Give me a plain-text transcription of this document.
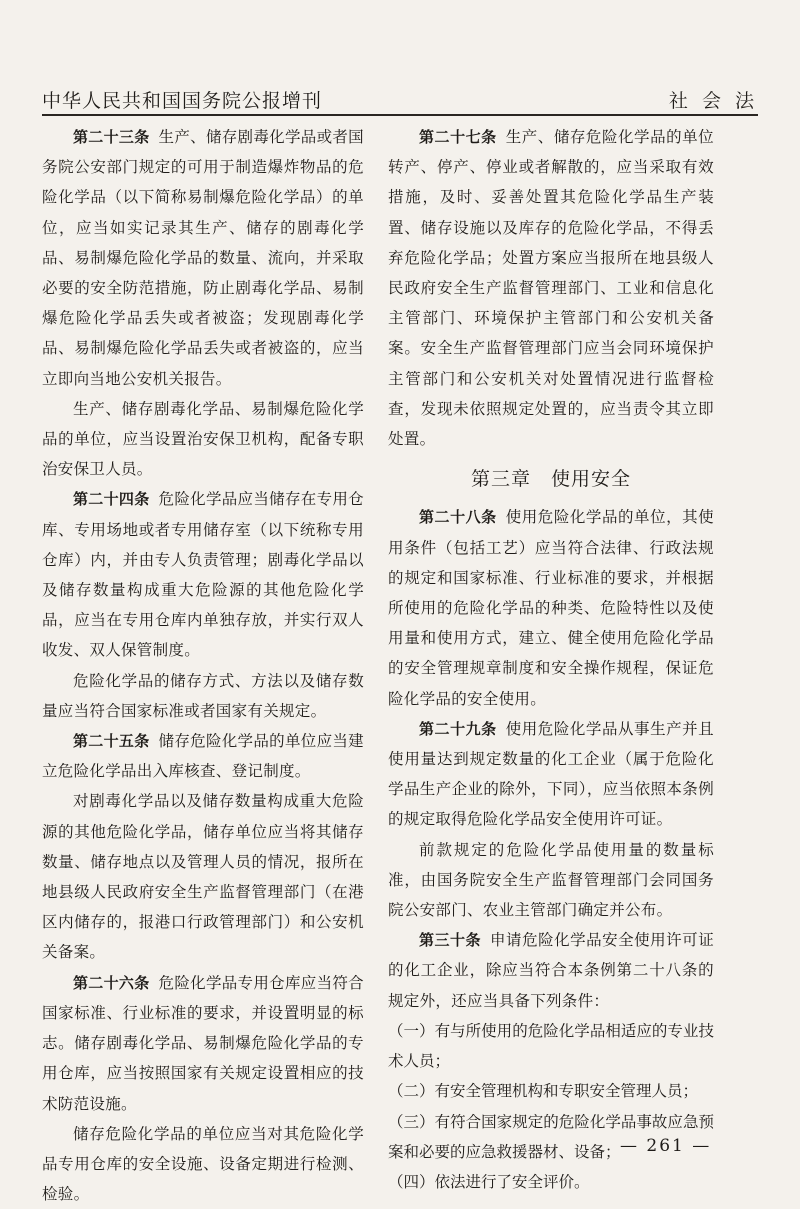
中华人民共和国国务院公报增刊	社 会 法

第二十三条 生产、储存剧毒化学品或者国务院公安部门规定的可用于制造爆炸物品的危险化学品（以下简称易制爆危险化学品）的单位，应当如实记录其生产、储存的剧毒化学品、易制爆危险化学品的数量、流向，并采取必要的安全防范措施，防止剧毒化学品、易制爆危险化学品丢失或者被盗；发现剧毒化学品、易制爆危险化学品丢失或者被盗的，应当立即向当地公安机关报告。

生产、储存剧毒化学品、易制爆危险化学品的单位，应当设置治安保卫机构，配备专职治安保卫人员。

第二十四条 危险化学品应当储存在专用仓库、专用场地或者专用储存室（以下统称专用仓库）内，并由专人负责管理；剧毒化学品以及储存数量构成重大危险源的其他危险化学品，应当在专用仓库内单独存放，并实行双人收发、双人保管制度。

危险化学品的储存方式、方法以及储存数量应当符合国家标准或者国家有关规定。

第二十五条 储存危险化学品的单位应当建立危险化学品出入库核查、登记制度。

对剧毒化学品以及储存数量构成重大危险源的其他危险化学品，储存单位应当将其储存数量、储存地点以及管理人员的情况，报所在地县级人民政府安全生产监督管理部门（在港区内储存的，报港口行政管理部门）和公安机关备案。

第二十六条 危险化学品专用仓库应当符合国家标准、行业标准的要求，并设置明显的标志。储存剧毒化学品、易制爆危险化学品的专用仓库，应当按照国家有关规定设置相应的技术防范设施。

储存危险化学品的单位应当对其危险化学品专用仓库的安全设施、设备定期进行检测、检验。

第二十七条 生产、储存危险化学品的单位转产、停产、停业或者解散的，应当采取有效措施，及时、妥善处置其危险化学品生产装置、储存设施以及库存的危险化学品，不得丢弃危险化学品；处置方案应当报所在地县级人民政府安全生产监督管理部门、工业和信息化主管部门、环境保护主管部门和公安机关备案。安全生产监督管理部门应当会同环境保护主管部门和公安机关对处置情况进行监督检查，发现未依照规定处置的，应当责令其立即处置。

第三章　使用安全

第二十八条 使用危险化学品的单位，其使用条件（包括工艺）应当符合法律、行政法规的规定和国家标准、行业标准的要求，并根据所使用的危险化学品的种类、危险特性以及使用量和使用方式，建立、健全使用危险化学品的安全管理规章制度和安全操作规程，保证危险化学品的安全使用。

第二十九条 使用危险化学品从事生产并且使用量达到规定数量的化工企业（属于危险化学品生产企业的除外，下同），应当依照本条例的规定取得危险化学品安全使用许可证。

前款规定的危险化学品使用量的数量标准，由国务院安全生产监督管理部门会同国务院公安部门、农业主管部门确定并公布。

第三十条 申请危险化学品安全使用许可证的化工企业，除应当符合本条例第二十八条的规定外，还应当具备下列条件：

（一）有与所使用的危险化学品相适应的专业技术人员；

（二）有安全管理机构和专职安全管理人员；

（三）有符合国家规定的危险化学品事故应急预案和必要的应急救援器材、设备；

（四）依法进行了安全评价。

— 261 —
